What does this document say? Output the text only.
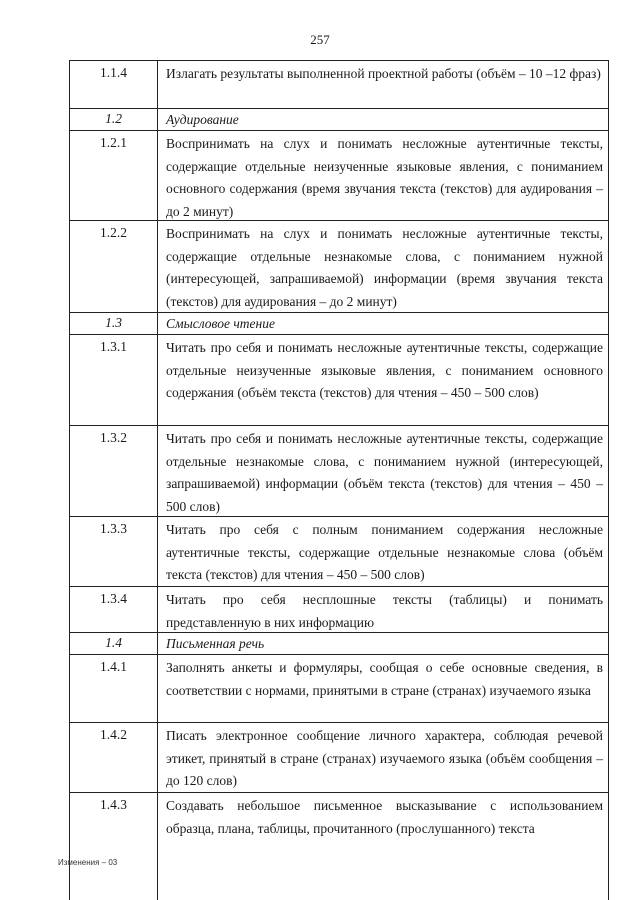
257
1.1.4	Излагать результаты выполненной проектной работы (объём – 10 –12 фраз)
1.2	Аудирование
1.2.1	Воспринимать на слух и понимать несложные аутентичные тексты, содержащие отдельные неизученные языковые явления, с пониманием основного содержания (время звучания текста (текстов) для аудирования – до 2 минут)
1.2.2	Воспринимать на слух и понимать несложные аутентичные тексты, содержащие отдельные незнакомые слова, с пониманием нужной (интересующей, запрашиваемой) информации (время звучания текста (текстов) для аудирования – до 2 минут)
1.3	Смысловое чтение
1.3.1	Читать про себя и понимать несложные аутентичные тексты, содержащие отдельные неизученные языковые явления, с пониманием основного содержания (объём текста (текстов) для чтения – 450 – 500 слов)
1.3.2	Читать про себя и понимать несложные аутентичные тексты, содержащие отдельные незнакомые слова, с пониманием нужной (интересующей, запрашиваемой) информации (объём текста (текстов) для чтения – 450 – 500 слов)
1.3.3	Читать про себя с полным пониманием содержания несложные аутентичные тексты, содержащие отдельные незнакомые слова (объём текста (текстов) для чтения – 450 – 500 слов)
1.3.4	Читать про себя несплошные тексты (таблицы) и понимать представленную в них информацию
1.4	Письменная речь
1.4.1	Заполнять анкеты и формуляры, сообщая о себе основные сведения, в соответствии с нормами, принятыми в стране (странах) изучаемого языка
1.4.2	Писать электронное сообщение личного характера, соблюдая речевой этикет, принятый в стране (странах) изучаемого языка (объём сообщения – до 120 слов)
1.4.3	Создавать небольшое письменное высказывание с использованием образца, плана, таблицы, прочитанного (прослушанного) текста
Изменения – 03
